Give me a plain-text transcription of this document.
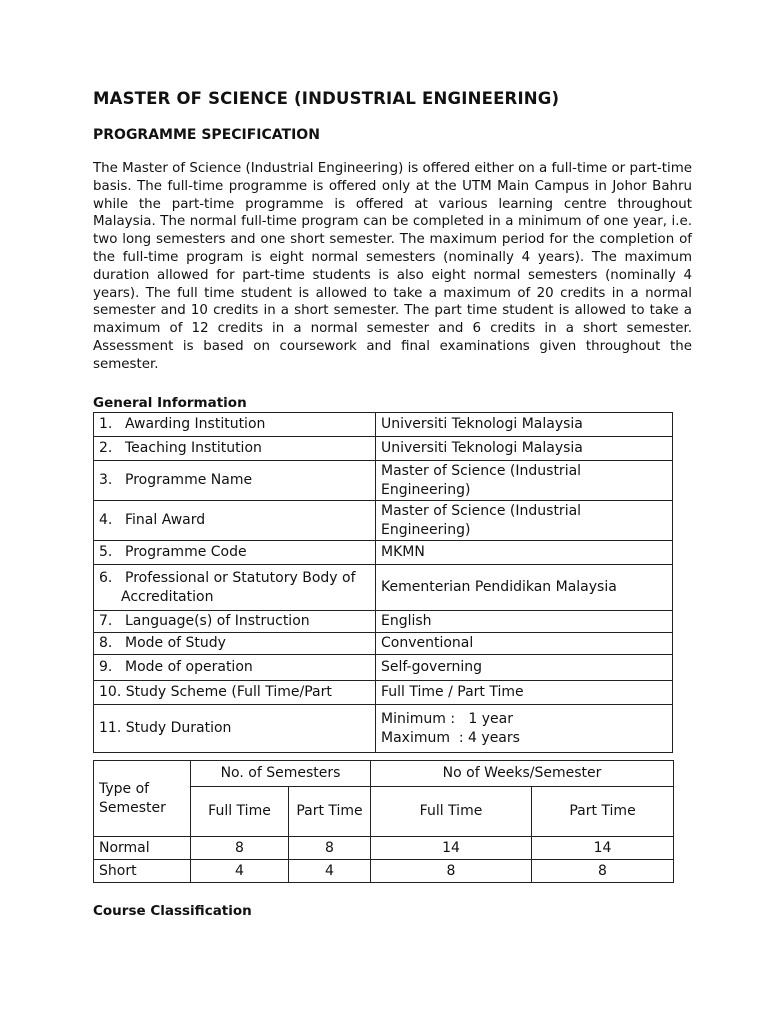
MASTER OF SCIENCE (INDUSTRIAL ENGINEERING)
PROGRAMME SPECIFICATION

The Master of Science (Industrial Engineering) is offered either on a full-time or part-time basis. The full-time programme is offered only at the UTM Main Campus in Johor Bahru while the part-time programme is offered at various learning centre throughout Malaysia. The normal full-time program can be completed in a minimum of one year, i.e. two long semesters and one short semester. The maximum period for the completion of the full-time program is eight normal semesters (nominally 4 years). The maximum duration allowed for part-time students is also eight normal semesters (nominally 4 years). The full time student is allowed to take a maximum of 20 credits in a normal semester and 10 credits in a short semester. The part time student is allowed to take a maximum of 12 credits in a normal semester and 6 credits in a short semester. Assessment is based on coursework and final examinations given throughout the semester.

General Information
1. Awarding Institution	Universiti Teknologi Malaysia
2. Teaching Institution	Universiti Teknologi Malaysia
3. Programme Name	Master of Science (Industrial Engineering)
4. Final Award	Master of Science (Industrial Engineering)
5. Programme Code	MKMN
6. Professional or Statutory Body of
Accreditation	Kementerian Pendidikan Malaysia
7. Language(s) of Instruction	English
8. Mode of Study	Conventional
9. Mode of operation	Self-governing
10. Study Scheme (Full Time/Part	Full Time / Part Time
11. Study Duration	Minimum :   1 year
Maximum  : 4 years
Type of Semester	No. of Semesters		No of Weeks/Semester	
	Full Time	Part Time	Full Time	Part Time
Normal	8	8	14	14
Short	4	4	8	8
Course Classification
